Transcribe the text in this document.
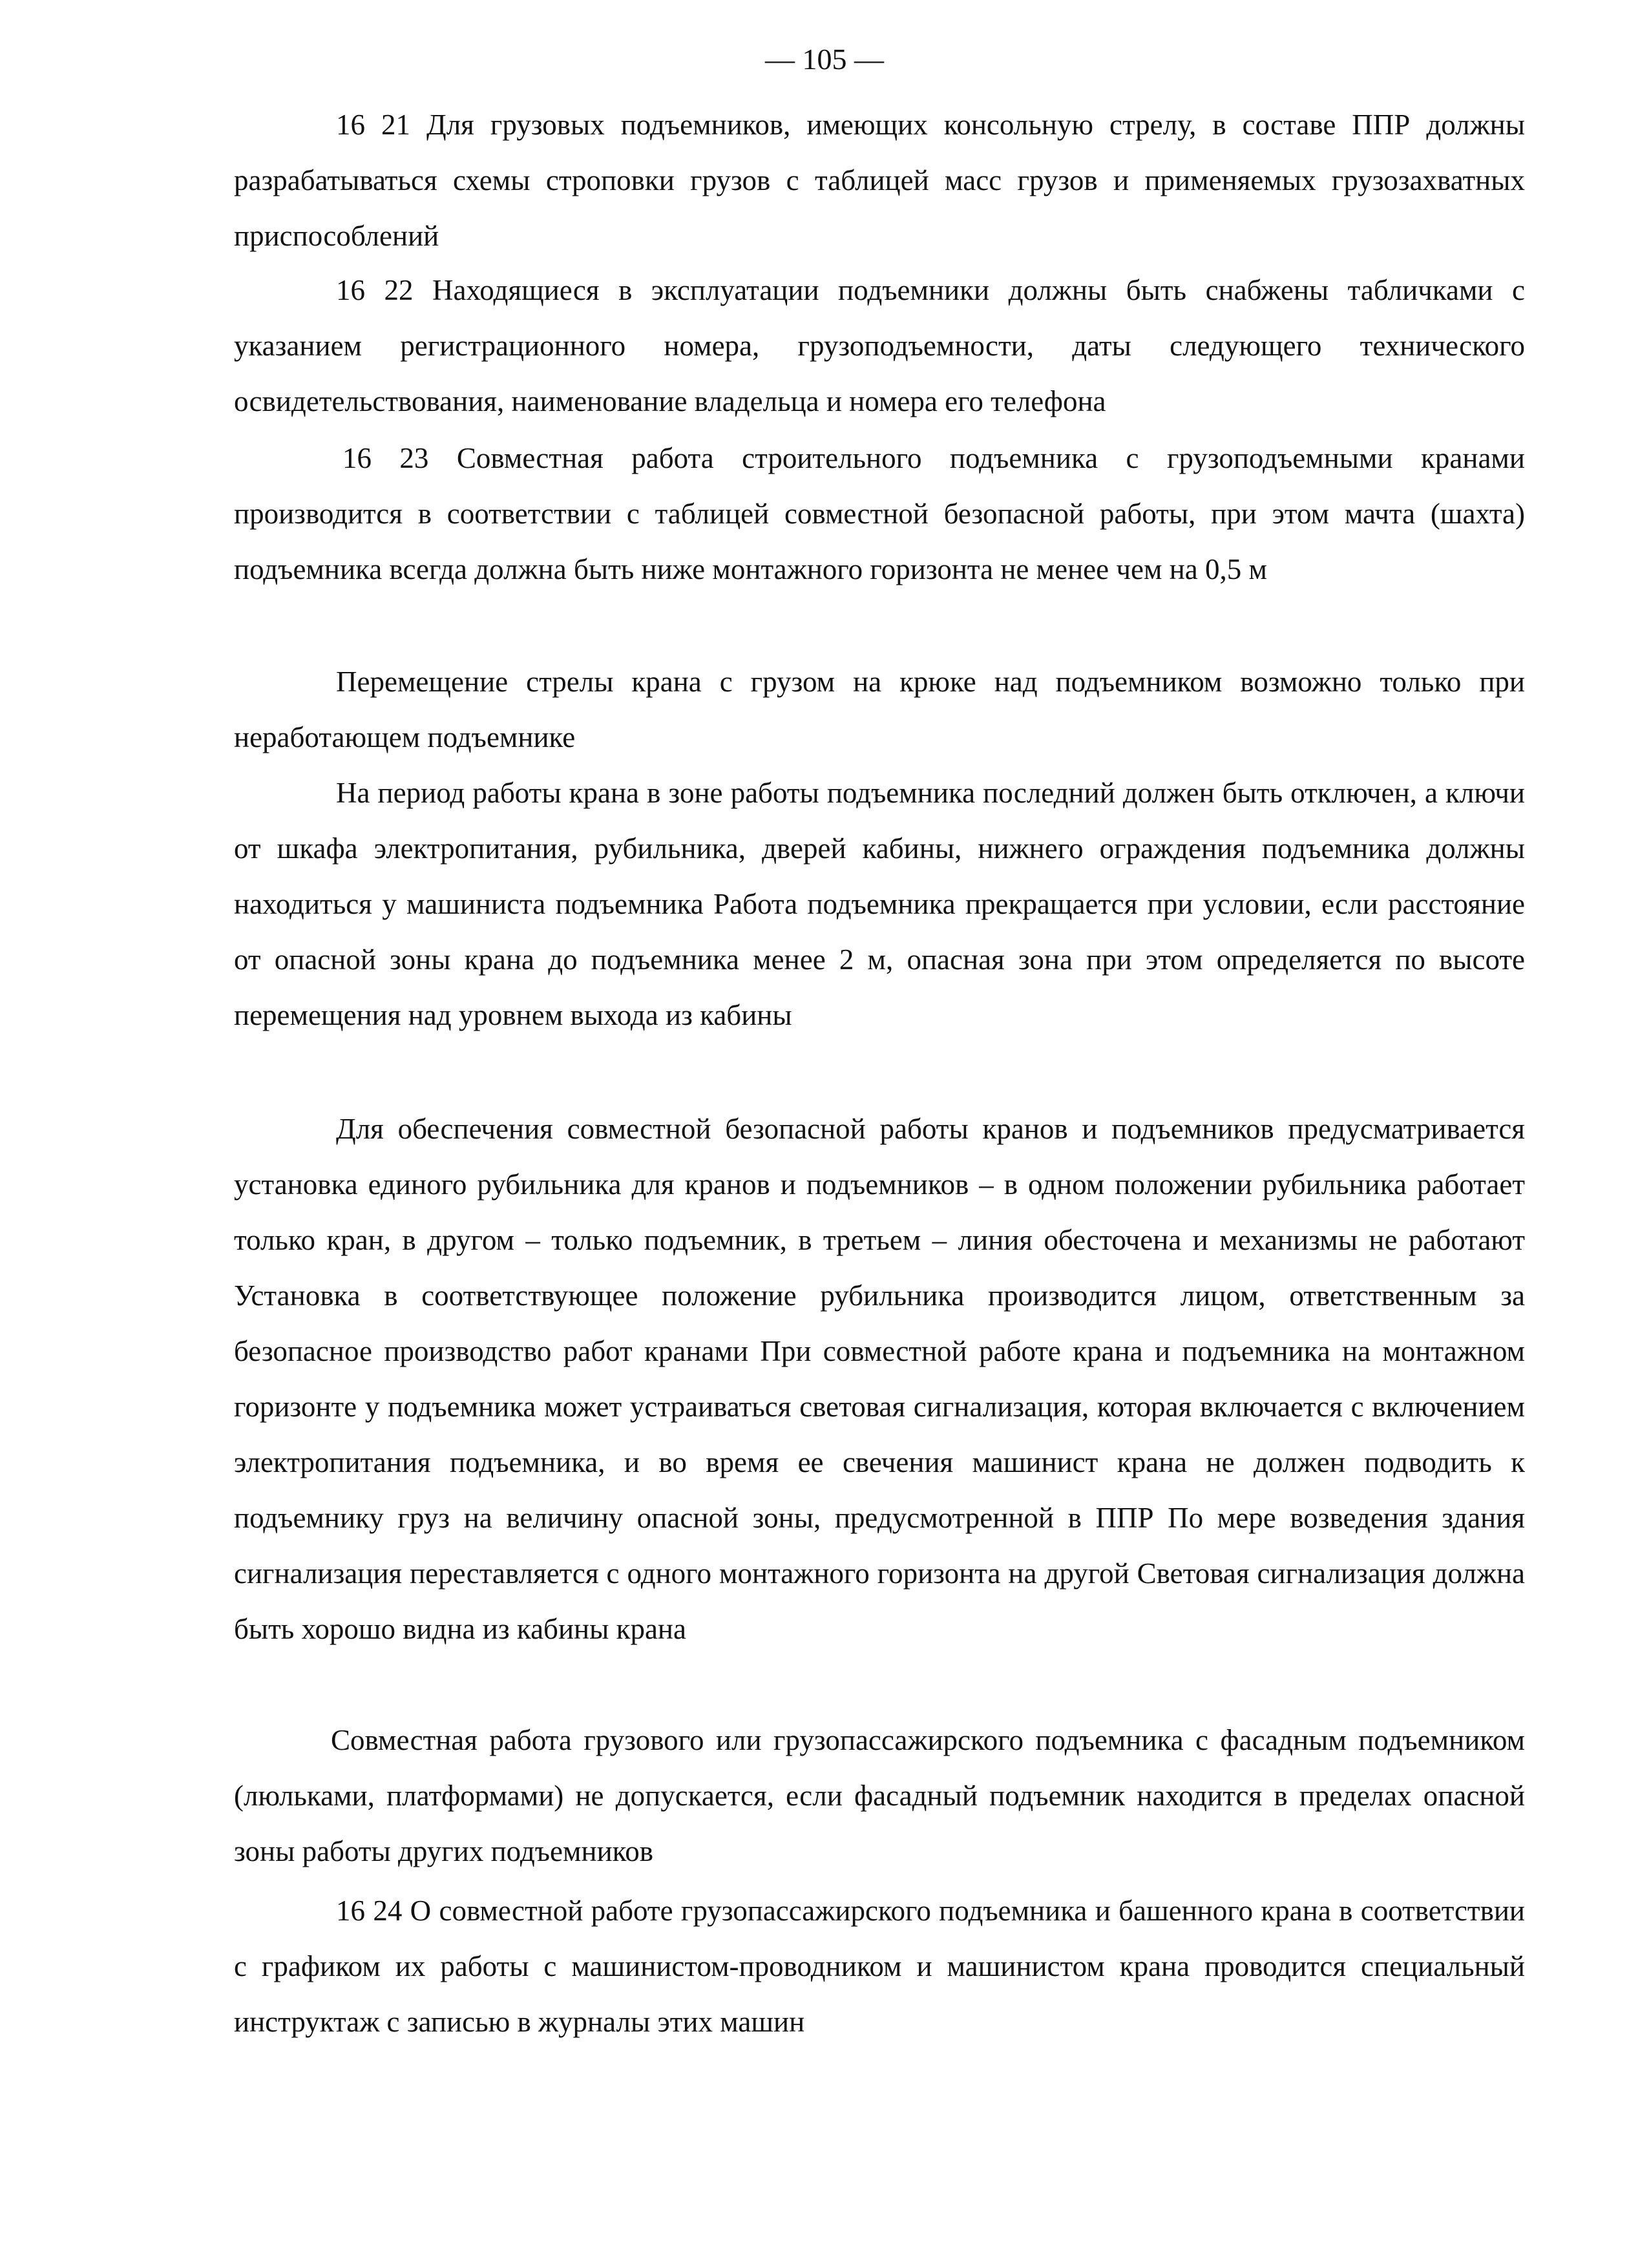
— 105 —

16 21 Для грузовых подъемников, имеющих консольную стрелу, в составе ППР должны разрабатываться схемы строповки грузов с таблицей масс грузов и применяемых грузозахватных приспособлений

16 22 Находящиеся в эксплуатации подъемники должны быть снабжены табличками с указанием регистрационного номера, грузоподъемности, даты следующего технического освидетельствования, наименование владельца и номера его телефона

16 23 Совместная работа строительного подъемника с грузоподъемными кранами производится в соответствии с таблицей совместной безопасной работы, при этом мачта (шахта) подъемника всегда должна быть ниже монтажного горизонта не менее чем на 0,5 м

Перемещение стрелы крана с грузом на крюке над подъемником возможно только при неработающем подъемнике

На период работы крана в зоне работы подъемника последний должен быть отключен, а ключи от шкафа электропитания, рубильника, дверей кабины, нижнего ограждения подъемника должны находиться у машиниста подъемника Работа подъемника прекращается при условии, если расстояние от опасной зоны крана до подъемника менее 2 м, опасная зона при этом определяется по высоте перемещения над уровнем выхода из кабины

Для обеспечения совместной безопасной работы кранов и подъемников предусматривается установка единого рубильника для кранов и подъемников – в одном положении рубильника работает только кран, в другом – только подъемник, в третьем – линия обесточена и механизмы не работают Установка в соответствующее положение рубильника производится лицом, ответственным за безопасное производство работ кранами При совместной работе крана и подъемника на монтажном горизонте у подъемника может устраиваться световая сигнализация, которая включается с включением электропитания подъемника, и во время ее свечения машинист крана не должен подводить к подъемнику груз на величину опасной зоны, предусмотренной в ППР По мере возведения здания сигнализация переставляется с одного монтажного горизонта на другой Световая сигнализация должна быть хорошо видна из кабины крана

Совместная работа грузового или грузопассажирского подъемника с фасадным подъемником (люльками, платформами) не допускается, если фасадный подъемник находится в пределах опасной зоны работы других подъемников

16 24 О совместной работе грузопассажирского подъемника и башенного крана в соответствии с графиком их работы с машинистом-проводником и машинистом крана проводится специальный инструктаж с записью в журналы этих машин
